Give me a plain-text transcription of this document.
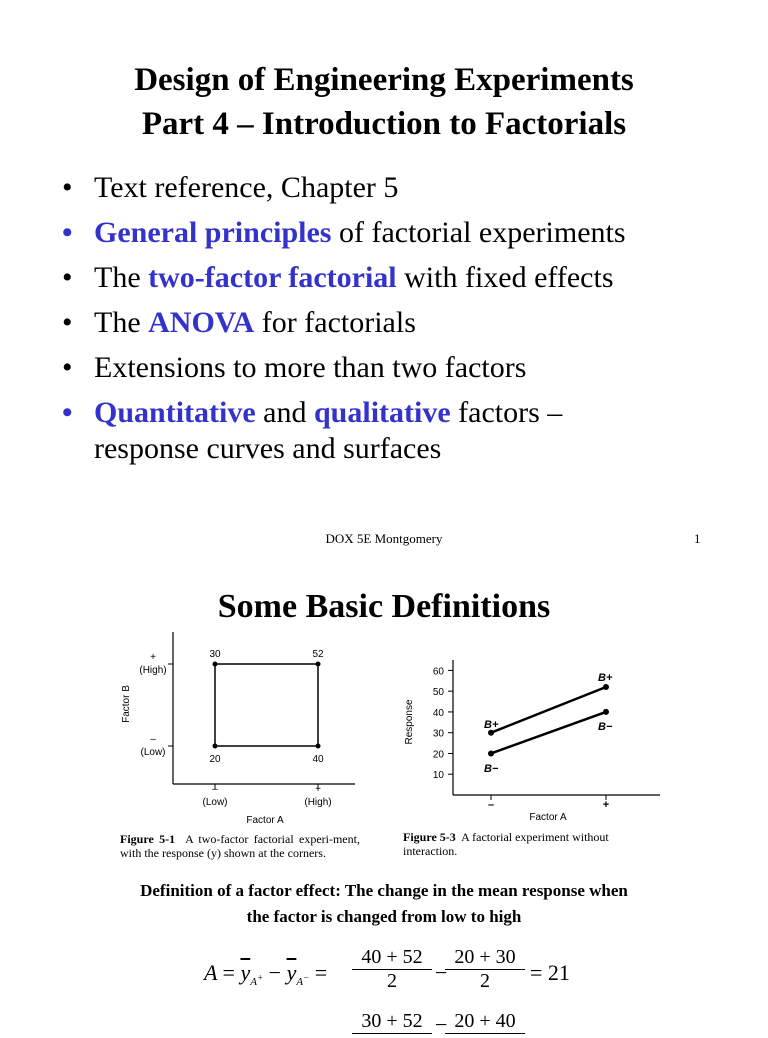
Design of Engineering Experiments
Part 4 – Introduction to Factorials
• Text reference, Chapter 5
• General principles of factorial experiments
• The two-factor factorial with fixed effects
• The ANOVA for factorials
• Extensions to more than two factors
• Quantitative and qualitative factors –
response curves and surfaces
DOX 5E Montgomery	1
Some Basic Definitions
30	52
20	40
+
(High)
–
(Low)
Factor B
–
(Low)
+
(High)
Factor A
Figure 5-1 A two-factor factorial experi-ment, with the response (y) shown at the corners.
Response
60
50
40
30
20
10
–	+
Factor A
B+
B+
B−
B−
Figure 5-3 A factorial experiment without interaction.
Definition of a factor effect: The change in the mean response when
the factor is changed from low to high
$A = \overline{y}_{A^+} - \overline{y}_{A^-} = \frac{40 + 52}{2}$ −
$\frac{20 + 30}{2} = 21$
30 + 52 − 20 + 40
